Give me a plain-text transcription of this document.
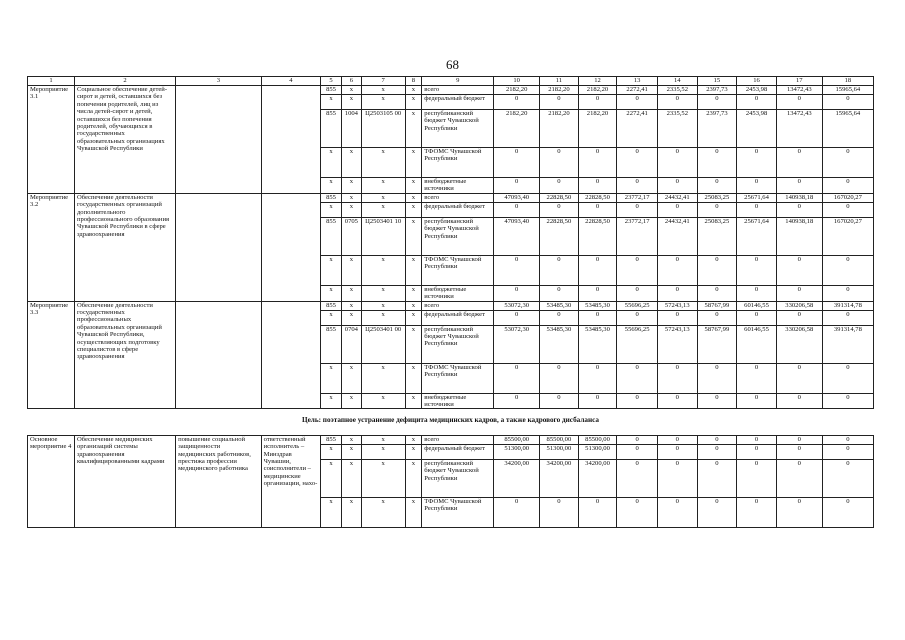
68
1	2	3	4	5	6	7	8	9	10	11	12	13	14	15	16	17	18
Мероприятие 3.1	Социальное обеспечение детей-сирот и детей, оставшихся без попечения родителей, лиц из числа детей-сирот и детей, оставшихся без попечения родителей, обучающихся в государственных образовательных организациях Чувашской Республики			855	x	x	x	всего	2182,20	2182,20	2182,20	2272,41	2335,52	2397,73	2453,98	13472,43	15965,64
				x	x	x	x	федеральный бюджет	0	0	0	0	0	0	0	0	0
				855	1004	Ц2503105 00	x	республиканский бюджет Чувашской Республики	2182,20	2182,20	2182,20	2272,41	2335,52	2397,73	2453,98	13472,43	15965,64
				x	x	x	x	ТФОМС Чувашской Республики	0	0	0	0	0	0	0	0	0
				x	x	x	x	внебюджетные источники	0	0	0	0	0	0	0	0	0
Мероприятие 3.2	Обеспечение деятельности государственных организаций дополнительного профессионального образования Чувашской Республики в сфере здравоохранения			855	x	x	x	всего	47093,40	22828,50	22828,50	23772,17	24432,41	25083,25	25671,64	140938,18	167020,27
				x	x	x	x	федеральный бюджет	0	0	0	0	0	0	0	0	0
				855	0705	Ц2503401 10	x	республиканский бюджет Чувашской Республики	47093,40	22828,50	22828,50	23772,17	24432,41	25083,25	25671,64	140938,18	167020,27
				x	x	x	x	ТФОМС Чувашской Республики	0	0	0	0	0	0	0	0	0
				x	x	x	x	внебюджетные источники	0	0	0	0	0	0	0	0	0
Мероприятие 3.3	Обеспечение деятельности государственных профессиональных образовательных организаций Чувашской Республики, осуществляющих подготовку специалистов в сфере здравоохранения			855	x	x	x	всего	53072,30	53485,30	53485,30	55696,25	57243,13	58767,99	60146,55	330206,58	391314,78
				x	x	x	x	федеральный бюджет	0	0	0	0	0	0	0	0	0
				855	0704	Ц2503401 00	x	республиканский бюджет Чувашской Республики	53072,30	53485,30	53485,30	55696,25	57243,13	58767,99	60146,55	330206,58	391314,78
				x	x	x	x	ТФОМС Чувашской Республики	0	0	0	0	0	0	0	0	0
				x	x	x	x	внебюджетные источники	0	0	0	0	0	0	0	0	0
Цель: поэтапное устранение дефицита медицинских кадров, а также кадрового дисбаланса																	
Основное мероприятие 4	Обеспечение медицинских организаций системы здравоохранения квалифицированными кадрами	повышение социальной защищенности медицинских работников, престижа профессии медицинского работника	ответственный исполнитель – Минздрав Чувашии, соисполнители – медицинские организации, нахо-	855	x	x	x	всего	85500,00	85500,00	85500,00	0	0	0	0	0	0
				x	x	x	x	федеральный бюджет	51300,00	51300,00	51300,00	0	0	0	0	0	0
				x	x	x	x	республиканский бюджет Чувашской Республики	34200,00	34200,00	34200,00	0	0	0	0	0	0
				x	x	x	x	ТФОМС Чувашской Республики	0	0	0	0	0	0	0	0	0
